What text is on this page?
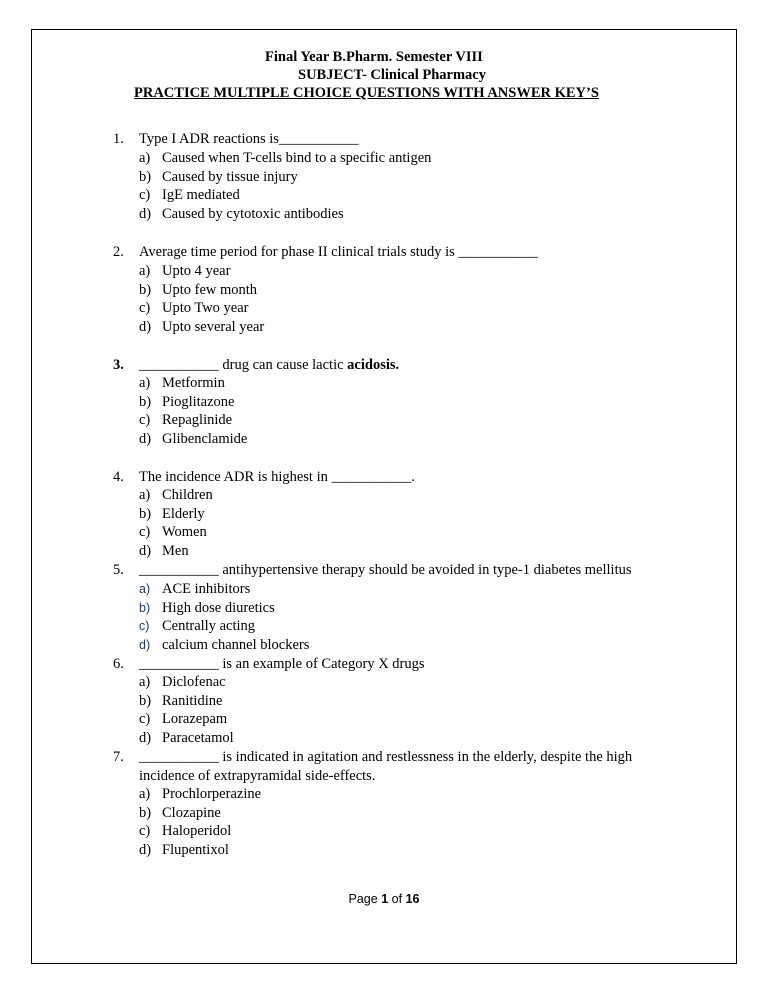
Final Year B.Pharm. Semester VIII
SUBJECT- Clinical Pharmacy
PRACTICE MULTIPLE CHOICE QUESTIONS WITH ANSWER KEY’S
1. Type I ADR reactions is___________
a) Caused when T-cells bind to a specific antigen
b) Caused by tissue injury
c) IgE mediated
d) Caused by cytotoxic antibodies
2. Average time period for phase II clinical trials study is ___________
a) Upto 4 year
b) Upto few month
c) Upto Two year
d) Upto several year
3. ___________ drug can cause lactic acidosis.
a) Metformin
b) Pioglitazone
c) Repaglinide
d) Glibenclamide
4. The incidence ADR is highest in ___________.
a) Children
b) Elderly
c) Women
d) Men
5. ___________ antihypertensive therapy should be avoided in type-1 diabetes mellitus
a) ACE inhibitors
b) High dose diuretics
c) Centrally acting
d) calcium channel blockers
6. ___________ is an example of Category X drugs
a) Diclofenac
b) Ranitidine
c) Lorazepam
d) Paracetamol
7. ___________ is indicated in agitation and restlessness in the elderly, despite the high
incidence of extrapyramidal side-effects.
a) Prochlorperazine
b) Clozapine
c) Haloperidol
d) Flupentixol
Page 1 of 16
